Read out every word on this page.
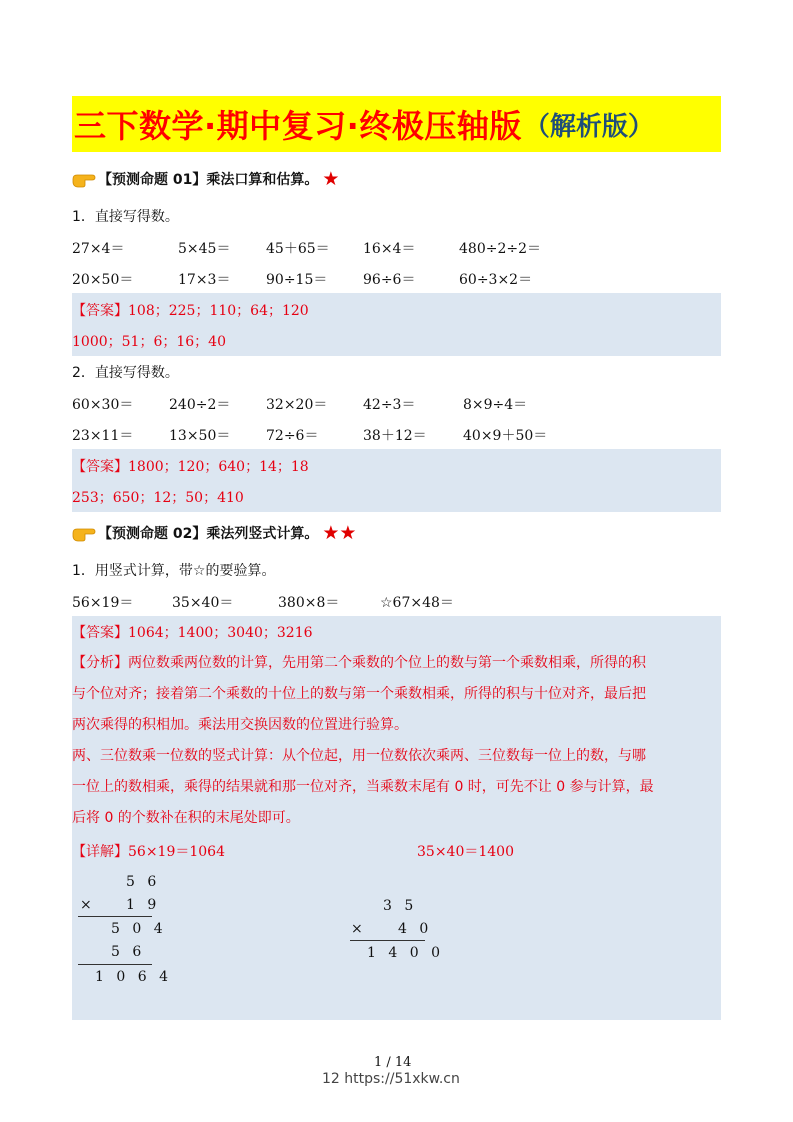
三下数学·期中复习·终极压轴版 （解析版）
【预测命题 01】乘法口算和估算。 ★
1．直接写得数。
27×4＝	5×45＝	45＋65＝ 16×4＝	480÷2÷2＝
20×50＝	17×3＝	90÷15＝	96÷6＝	60÷3×2＝
【答案】108；225；110；64；120
1000；51；6；16；40
2．直接写得数。
60×30＝	240÷2＝	32×20＝	42÷3＝	8×9÷4＝
23×11＝	13×50＝	72÷6＝	38＋12＝	40×9＋50＝
【答案】1800；120；640；14；18
253；650；12；50；410
【预测命题 02】乘法列竖式计算。 ★★
1．用竖式计算，带☆的要验算。
56×19＝	35×40＝	380×8＝	☆67×48＝
【答案】1064；1400；3040；3216
【分析】两位数乘两位数的计算，先用第二个乘数的个位上的数与第一个乘数相乘，所得的积
与个位对齐；接着第二个乘数的十位上的数与第一个乘数相乘，所得的积与十位对齐，最后把
两次乘得的积相加。乘法用交换因数的位置进行验算。
两、三位数乘一位数的竖式计算：从个位起，用一位数依次乘两、三位数每一位上的数，与哪
一位上的数相乘，乘得的结果就和那一位对齐，当乘数末尾有 0 时，可先不让 0 参与计算，最
后将 0 的个数补在积的末尾处即可。
【详解】56×19＝1064	35×40＝1400
5 6
× 1 9
5 0 4
5 6
1 0 6 4
3 5
× 4 0
1 4 0 0
1 / 14
12 https://51xkw.cn
